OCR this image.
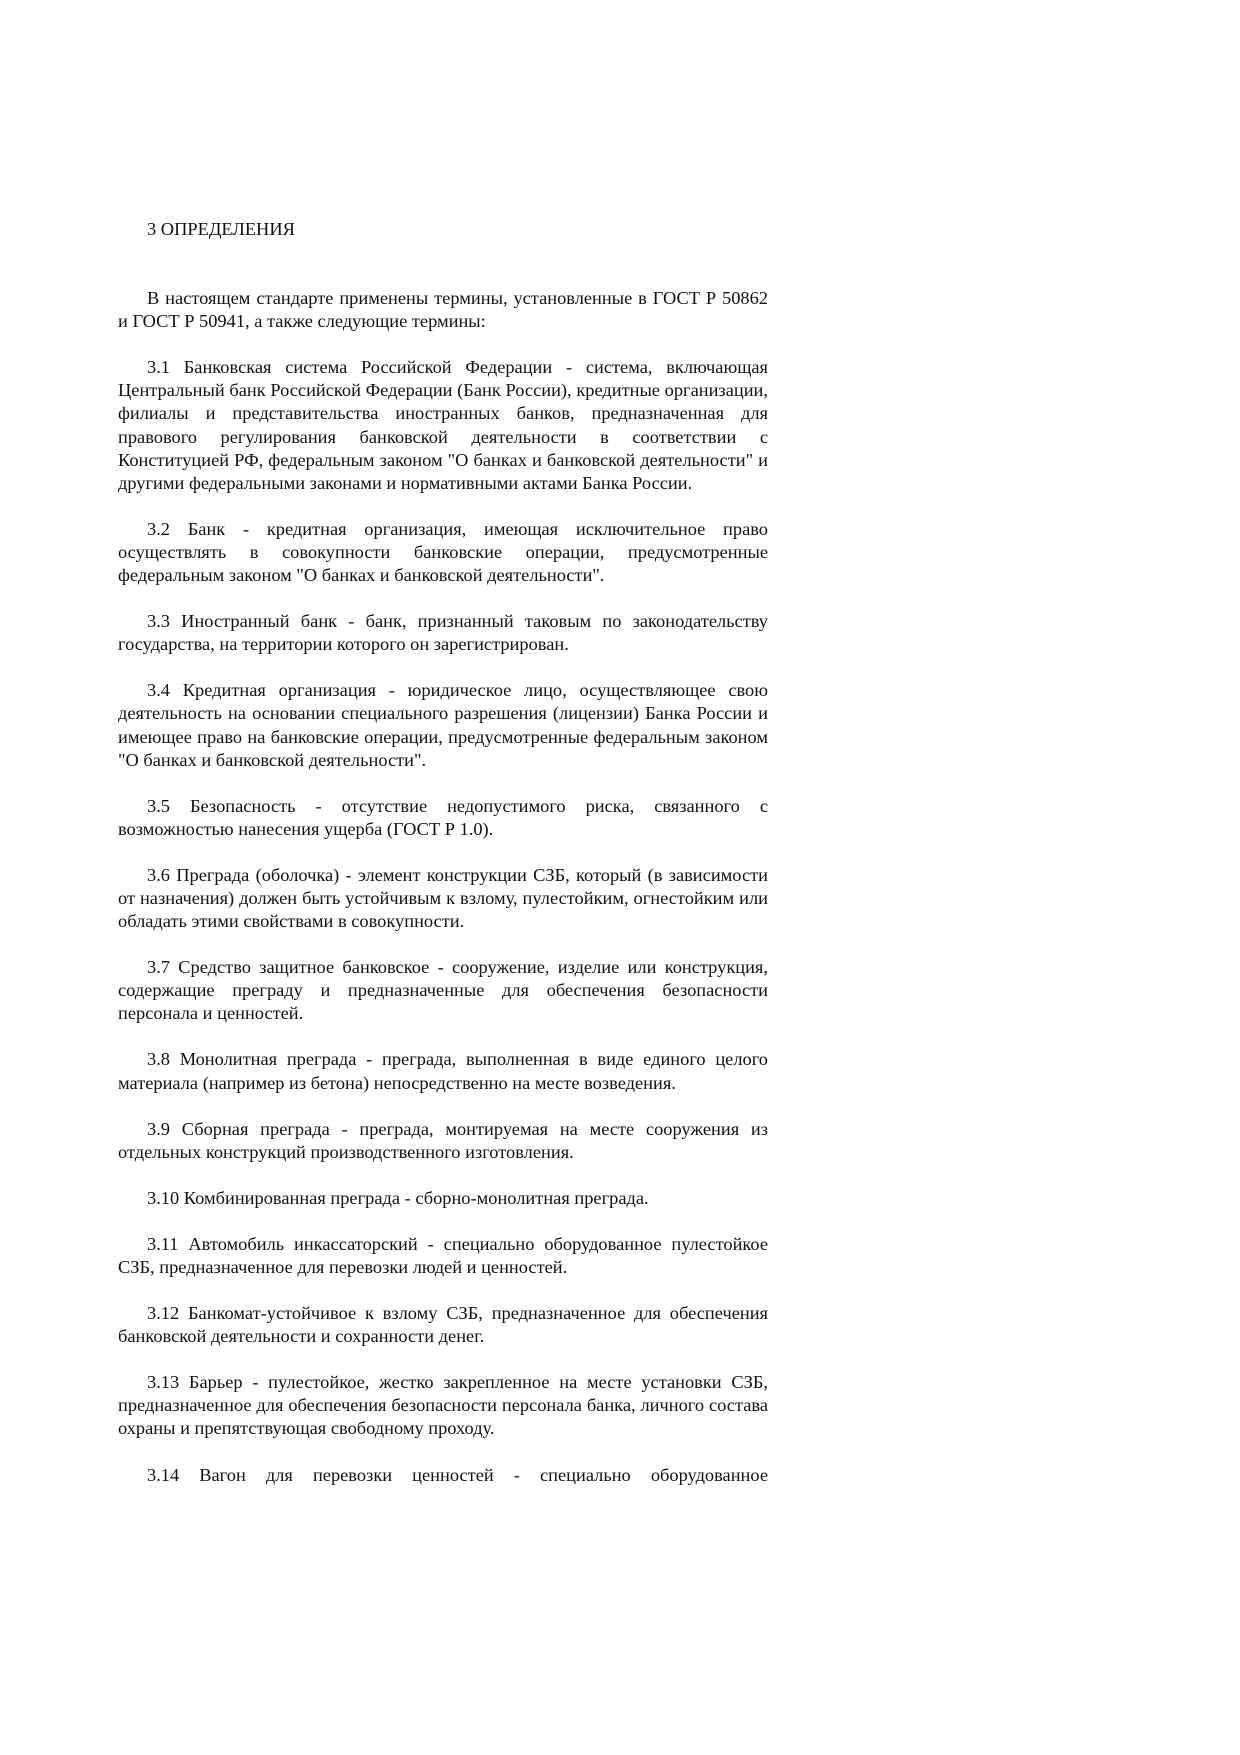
3 ОПРЕДЕЛЕНИЯ

В настоящем стандарте применены термины, установленные в ГОСТ Р 50862 и ГОСТ Р 50941, а также следующие термины:

3.1 Банковская система Российской Федерации - система, включающая Центральный банк Российской Федерации (Банк России), кредитные организации, филиалы и представительства иностранных банков, предназначенная для правового регулирования банковской деятельности в соответствии с Конституцией РФ, федеральным законом "О банках и банковской деятельности" и другими федеральными законами и нормативными актами Банка России.

3.2 Банк - кредитная организация, имеющая исключительное право осуществлять в совокупности банковские операции, предусмотренные федеральным законом "О банках и банковской деятельности".

3.3 Иностранный банк - банк, признанный таковым по законодательству государства, на территории которого он зарегистрирован.

3.4 Кредитная организация - юридическое лицо, осуществляющее свою деятельность на основании специального разрешения (лицензии) Банка России и имеющее право на банковские операции, предусмотренные федеральным законом "О банках и банковской деятельности".

3.5 Безопасность - отсутствие недопустимого риска, связанного с возможностью нанесения ущерба (ГОСТ Р 1.0).

3.6 Преграда (оболочка) - элемент конструкции СЗБ, который (в зависимости от назначения) должен быть устойчивым к взлому, пулестойким, огнестойким или обладать этими свойствами в совокупности.

3.7 Средство защитное банковское - сооружение, изделие или конструкция, содержащие преграду и предназначенные для обеспечения безопасности персонала и ценностей.

3.8 Монолитная преграда - преграда, выполненная в виде единого целого материала (например из бетона) непосредственно на месте возведения.

3.9 Сборная преграда - преграда, монтируемая на месте сооружения из отдельных конструкций производственного изготовления.

3.10 Комбинированная преграда - сборно-монолитная преграда.

3.11 Автомобиль инкассаторский - специально оборудованное пулестойкое СЗБ, предназначенное для перевозки людей и ценностей.

3.12 Банкомат-устойчивое к взлому СЗБ, предназначенное для обеспечения банковской деятельности и сохранности денег.

3.13 Барьер - пулестойкое, жестко закрепленное на месте установки СЗБ, предназначенное для обеспечения безопасности персонала банка, личного состава охраны и препятствующая свободному проходу.

3.14 Вагон для перевозки ценностей - специально оборудованное
